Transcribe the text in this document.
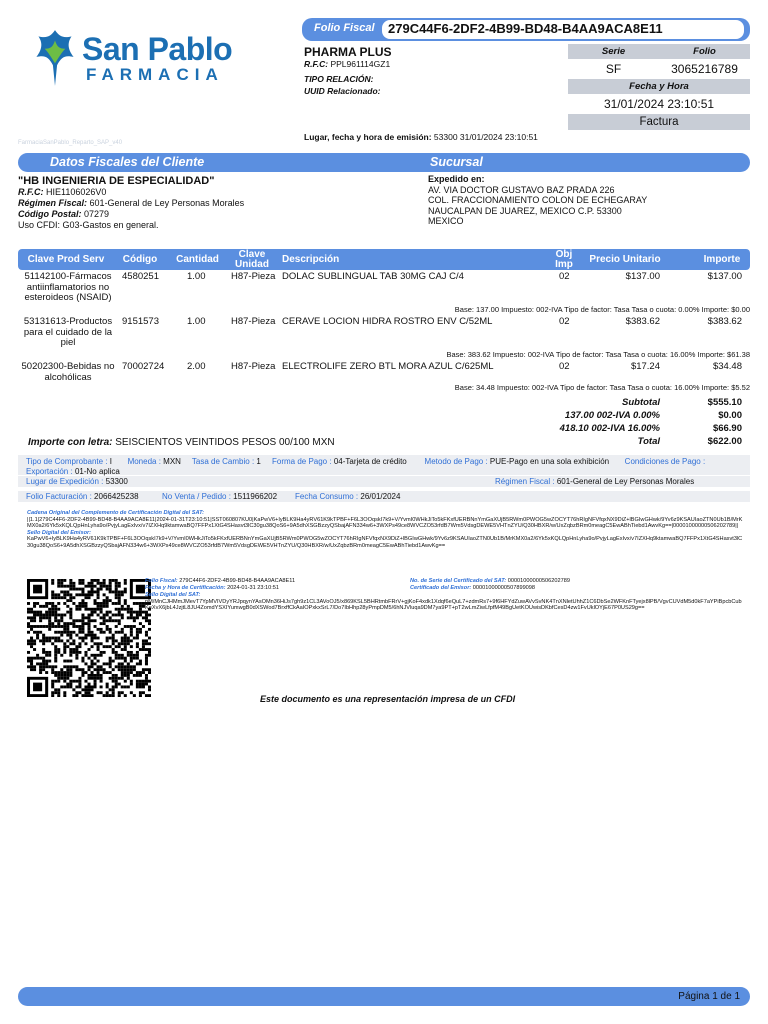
San Pablo
FARMACIA
Folio Fiscal	279C44F6-2DF2-4B99-BD48-B4AA9ACA8E11
PHARMA PLUS
R.F.C: PPL961114GZ1
TIPO RELACIÓN:
UUID Relacionado:
Serie	Folio
SF	3065216789
Fecha y Hora
31/01/2024 23:10:51
Factura
Lugar, fecha y hora de emisión: 53300 31/01/2024 23:10:51
FarmaciaSanPablo_Reparto_SAP_v40
Datos Fiscales del Cliente	Sucursal
"HB INGENIERIA DE ESPECIALIDAD"
R.F.C: HIE1106026V0
Régimen Fiscal: 601-General de Ley Personas Morales
Código Postal: 07279
Uso CFDI: G03-Gastos en general.
Expedido en:
AV. VIA DOCTOR GUSTAVO BAZ PRADA 226
COL. FRACCIONAMIENTO COLON DE ECHEGARAY
NAUCALPAN DE JUAREZ, MEXICO C.P. 53300
MEXICO
Clave Prod Serv	Código	Cantidad	Clave Unidad	Descripción	Obj Imp	Precio Unitario	Importe
51142100-Fármacos antiinflamatorios no esteroideos (NSAID)
4580251	1.00	H87-Pieza DOLAC SUBLINGUAL TAB 30MG CAJ C/4	02	$137.00	$137.00
Base: 137.00 Impuesto: 002-IVA Tipo de factor: Tasa Tasa o cuota: 0.00% Importe: $0.00
53131613-Productos para el cuidado de la piel
9151573	1.00	H87-Pieza CERAVE LOCION HIDRA ROSTRO ENV C/52ML	02	$383.62	$383.62
Base: 383.62 Impuesto: 002-IVA Tipo de factor: Tasa Tasa o cuota: 16.00% Importe: $61.38
50202300-Bebidas no alcohólicas
70002724 2.00	H87-Pieza ELECTROLIFE ZERO BTL MORA AZUL C/625ML	02	$17.24	$34.48
Base: 34.48 Impuesto: 002-IVA Tipo de factor: Tasa Tasa o cuota: 16.00% Importe: $5.52
Subtotal	$555.10
137.00 002-IVA 0.00%	$0.00
418.10 002-IVA 16.00%	$66.90
Total	$622.00
Importe con letra: SEISCIENTOS VEINTIDOS PESOS 00/100 MXN
Tipo de Comprobante : I Moneda : MXN Tasa de Cambio : 1 Forma de Pago : 04-Tarjeta de crédito Metodo de Pago : PUE-Pago en una sola exhibición Condiciones de Pago :   Exportación : 01-No aplica
Lugar de Expedición : 53300	Régimen Fiscal : 601-General de Ley Personas Morales
Folio Facturación : 2066425238	No Venta / Pedido : 1511966202 Fecha Consumo : 26/01/2024
Cadena Original del Complemento de Certificación Digital del SAT:
||1.1|279C44F6-2DF2-4B99-BD48-B4AA9ACA8E11|2024-01-31T23:10:51|SST060807KU0|KaPwV6+IyBLK9Ha4yRV61K9kTPBF+F6L3OOqskI7k9+V/YvmI0WHkJiTo5kFKxfUERBNnYmGaXUjB5RWm0PWOG5wZOCYT76hRIgNFVfqxNX9DiZ+lBGIwGHwk/9Yv6z9KSAUIaoZTN0Ub1B/MrKMX0a2/6Yk5xKQLQpHnLyha9o/PvjyLagExIvx/v7IZXHq9ktamwaBQ7FFPx1XtG4SHasvt3lC30gu38QoS6+9A5dhXSGBzzyQSbajAFN334w6+3WXPs49ce8WVCZO53rfdB7Wm5VdsgDEWE5VHTnZYU/Q30HBXR/w/UxZqbzBRm0meagC5EwABhTiebd1AwvKg==|00001000000506202789||
Sello Digital del Emisor:
KaPwV6+IyBLK9Ha4yRV61K9kTPBF+F6L3OOqskI7k9+V/YvmI0WHkJiTo5kFKxfUERBNnYmGaXUjB5RWm0PWOG5wZOCYT76hRIgNFVfqxNX9DiZ+lBGIwGHwk/9Yv6z9KSAUIaoZTN0Ub1B/MrKMX0a2/6Yk5xKQLQpHnLyha9o/PvjyLagExIvx/v7IZXHq9ktamwaBQ7FFPx1XtG4SHasvt3lC30gu38QoS6+9A5dhXSGBzzyQSbajAFN334w6+3WXPs49ce8WVCZO53rfdB7Wm5VdsgDEWE5VHTnZYU/Q30HBXR/w/UxZqbzBRm0meagC5EwABhTiebd1AwvKg==
Folio Fiscal: 279C44F6-2DF2-4B99-BD48-B4AA9ACA8E11
Fecha y Hora de Certificación: 2024-01-31 23:10:51
No. de Serie del Certificado del SAT: 00001000000506202789
Certificado del Emisor: 00001000000507899098
Sello Digital del SAT:
pM/MnCJHMmJMevT7YpMVIVDyYRJpqynYAsOMn36HiJs7gh9z1CL3AVoOJ5/x869KSL5BHRtmbFRrV+gjKoF4xdk1Xdqf6eQuL7+zdmRs7+9f6HFYdZuwAVvSvNK4TnXNletUhhZ1C6DbSe2WFKnFTyejx8lPB/VgvCUVdM5d0kF7aYPiBpcbCubKeXvX6jbL4JzjtL8JU4ZomdYSXIYumwgB0dXSWod7BrxffCkAaIOPxkxSrL7/Do7IbHhp28yPmpDM5/6hNJVluqa9DM7ya9PT+pT2wLmZiwLfpfM49BgUetKOUwisDKbfCesD4zw1FvUklOYjE67P0US29g==
Este documento es una representación impresa de un CFDI
Página 1 de 1
